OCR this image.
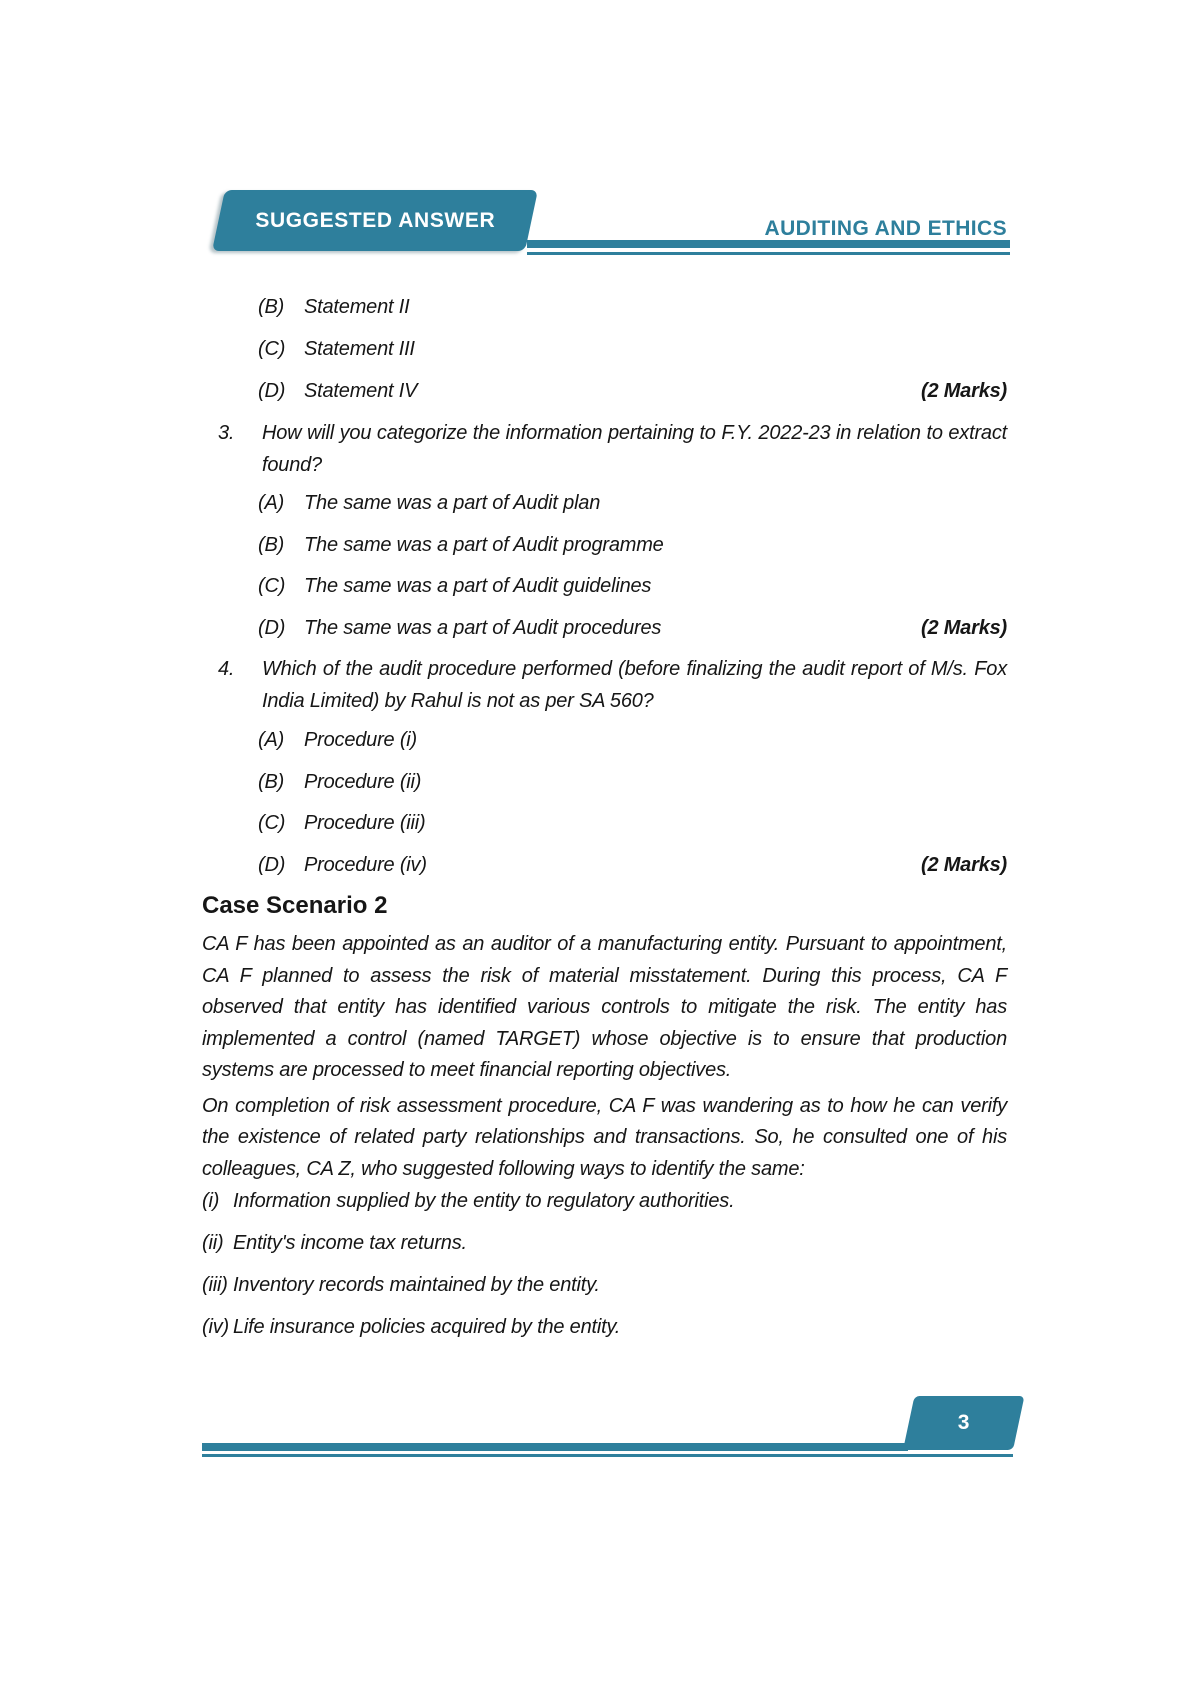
SUGGESTED ANSWER	AUDITING AND ETHICS
(B) Statement II
(C) Statement III
(D) Statement IV	(2 Marks)
3.	How will you categorize the information pertaining to F.Y. 2022-23 in relation to extract found?
(A) The same was a part of Audit plan
(B) The same was a part of Audit programme
(C) The same was a part of Audit guidelines
(D) The same was a part of Audit procedures	(2 Marks)
4.	Which of the audit procedure performed (before finalizing the audit report of M/s. Fox India Limited) by Rahul is not as per SA 560?
(A) Procedure (i)
(B) Procedure (ii)
(C) Procedure (iii)
(D) Procedure (iv)	(2 Marks)
Case Scenario 2
CA F has been appointed as an auditor of a manufacturing entity. Pursuant to appointment, CA F planned to assess the risk of material misstatement. During this process, CA F observed that entity has identified various controls to mitigate the risk. The entity has implemented a control (named TARGET) whose objective is to ensure that production systems are processed to meet financial reporting objectives.
On completion of risk assessment procedure, CA F was wandering as to how he can verify the existence of related party relationships and transactions. So, he consulted one of his colleagues, CA Z, who suggested following ways to identify the same:
(i) Information supplied by the entity to regulatory authorities.
(ii) Entity's income tax returns.
(iii) Inventory records maintained by the entity.
(iv) Life insurance policies acquired by the entity.
3
